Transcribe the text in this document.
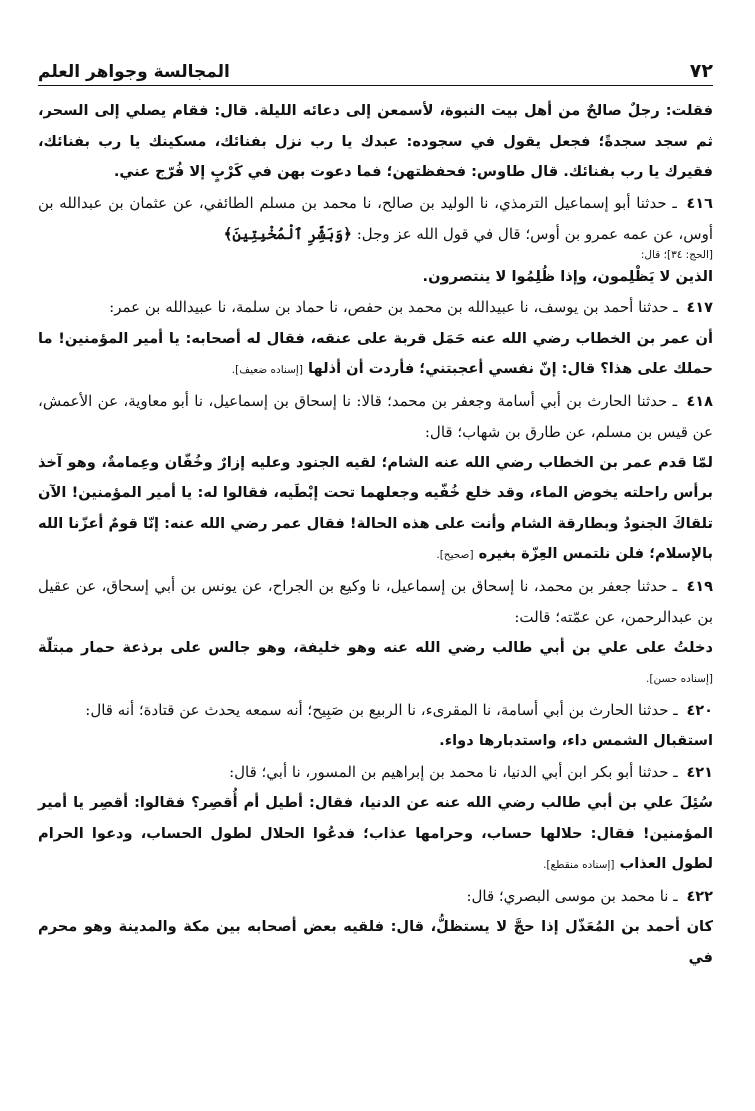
٧٢
المجالسة وجواهر العلم

فقلت: رجلٌ صالحٌ من أهل بيت النبوة، لأسمعن إلى دعائه الليلة. قال: فقام يصلي إلى السحر، ثم سجد سجدةً؛ فجعل يقول في سجوده: عبدك يا رب نزل بفنائك، مسكينك يا رب بفنائك، فقيرك يا رب بفنائك. قال طاوس: فحفظتهن؛ فما دعوت بهن في كَرْبٍ إلا فُرّج عني.

٤١٦ ـ حدثنا أبو إسماعيل الترمذي، نا الوليد بن صالح، نا محمد بن مسلم الطائفي، عن عثمان بن عبدالله بن أوس، عن عمه عمرو بن أوس؛ قال في قول الله عز وجل: ﴿وَبَشِّرِ ٱلْمُخْبِتِينَ﴾

[الحج: ٣٤]؛ قال:

الذين لا يَظْلِمون، وإذا ظُلِمُوا لا ينتصرون.

٤١٧ ـ حدثنا أحمد بن يوسف، نا عبيدالله بن محمد بن حفص، نا حماد بن سلمة، نا عبيدالله بن عمر:

أن عمر بن الخطاب رضي الله عنه حَمَل قربة على عنقه، فقال له أصحابه: يا أمير المؤمنين! ما حملك على هذا؟ قال: إنّ نفسي أعجبتني؛ فأردت أن أذلها [إسناده ضعيف].

٤١٨ ـ حدثنا الحارث بن أبي أسامة وجعفر بن محمد؛ قالا: نا إسحاق بن إسماعيل، نا أبو معاوية، عن الأعمش، عن قيس بن مسلم، عن طارق بن شهاب؛ قال:

لمّا قدم عمر بن الخطاب رضي الله عنه الشام؛ لقيه الجنود وعليه إزارٌ وخُفّان وعِمامةٌ، وهو آخذ برأس راحلته يخوض الماء، وقد خلع خُفّيه وجعلهما تحت إبْطَيه، فقالوا له: يا أمير المؤمنين! الآن تلقاكَ الجنودُ وبطارقة الشام وأنت على هذه الحالة! فقال عمر رضي الله عنه: إنّا قومٌ أعزّنا الله بالإسلام؛ فلن نلتمس العِزّة بغيره [صحيح].

٤١٩ ـ حدثنا جعفر بن محمد، نا إسحاق بن إسماعيل، نا وكيع بن الجراح، عن يونس بن أبي إسحاق، عن عقيل بن عبدالرحمن، عن عمّته؛ قالت:

دخلتُ على علي بن أبي طالب رضي الله عنه وهو خليفة، وهو جالس على برذعة حمار مبتلّة [إسناده حسن].

٤٢٠ ـ حدثنا الحارث بن أبي أسامة، نا المقرىء، نا الربيع بن صَبِيح؛ أنه سمعه يحدث عن قتادة؛ أنه قال:

استقبال الشمس داء، واستدبارها دواء.

٤٢١ ـ حدثنا أبو بكر ابن أبي الدنيا، نا محمد بن إبراهيم بن المسور، نا أبي؛ قال:

سُئِلَ علي بن أبي طالب رضي الله عنه عن الدنيا، فقال: أطيل أم أُقصِر؟ فقالوا: أقصِر يا أمير المؤمنين! فقال: حلالها حساب، وحرامها عذاب؛ فدعُوا الحلال لطول الحساب، ودعوا الحرام لطول العذاب [إسناده منقطع].

٤٢٢ ـ نا محمد بن موسى البصري؛ قال:

كان أحمد بن المُعَذّل إذا حجَّ لا يستظلُّ، قال: فلقيه بعض أصحابه بين مكة والمدينة وهو محرم في
